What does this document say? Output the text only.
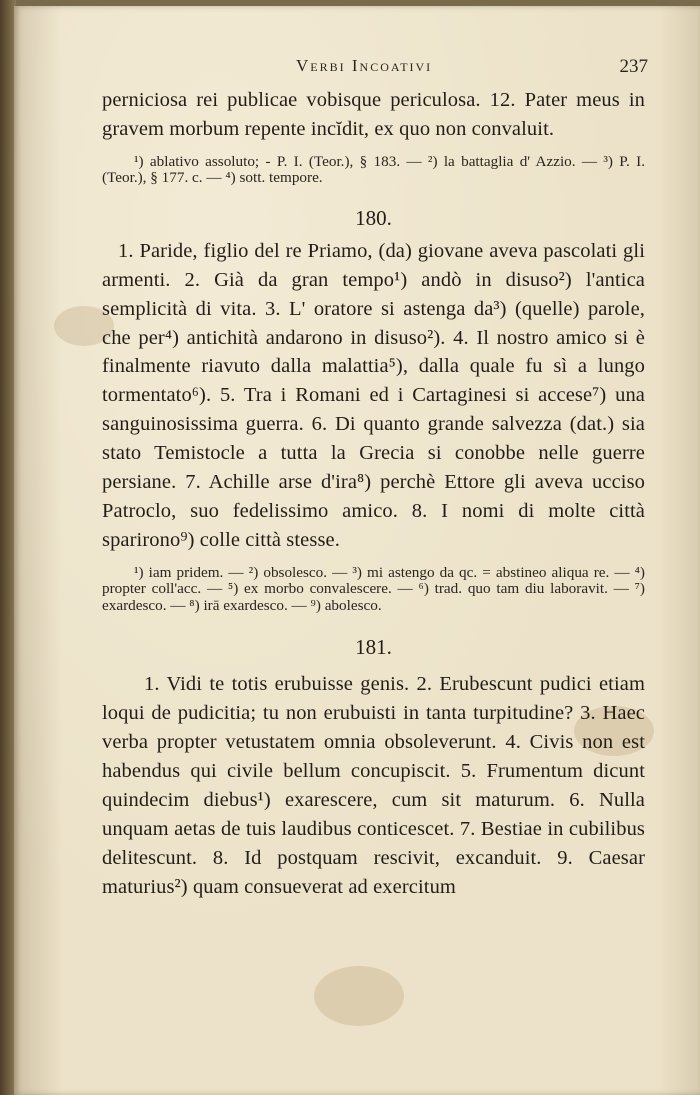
Verbi Incoativi	237

perniciosa rei publicae vobisque periculosa. 12. Pater meus in gravem morbum repente incĭdit, ex quo non convaluit.

¹) ablativo assoluto; - P. I. (Teor.), § 183. — ²) la battaglia d' Azzio. — ³) P. I. (Teor.), § 177. c. — ⁴) sott. tempore.

180.

1. Paride, figlio del re Priamo, (da) giovane aveva pascolati gli armenti. 2. Già da gran tempo¹) andò in disuso²) l'antica semplicità di vita. 3. L' oratore si astenga da³) (quelle) parole, che per⁴) antichità andarono in disuso²). 4. Il nostro amico si è finalmente riavuto dalla malattia⁵), dalla quale fu sì a lungo tormentato⁶). 5. Tra i Romani ed i Cartaginesi si accese⁷) una sanguinosissima guerra. 6. Di quanto grande salvezza (dat.) sia stato Temistocle a tutta la Grecia si conobbe nelle guerre persiane. 7. Achille arse d'ira⁸) perchè Ettore gli aveva ucciso Patroclo, suo fedelissimo amico. 8. I nomi di molte città sparirono⁹) colle città stesse.

¹) iam pridem. — ²) obsolesco. — ³) mi astengo da qc. = abstineo aliqua re. — ⁴) propter coll'acc. — ⁵) ex morbo convalescere. — ⁶) trad. quo tam diu laboravit. — ⁷) exardesco. — ⁸) irā exardesco. — ⁹) abolesco.

181.

1. Vidi te totis erubuisse genis. 2. Erubescunt pudici etiam loqui de pudicitia; tu non erubuisti in tanta turpitudine? 3. Haec verba propter vetustatem omnia obsoleverunt. 4. Civis non est habendus qui civile bellum concupiscit. 5. Frumentum dicunt quindecim diebus¹) exarescere, cum sit maturum. 6. Nulla unquam aetas de tuis laudibus conticescet. 7. Bestiae in cubilibus delitescunt. 8. Id postquam rescivit, excanduit. 9. Caesar maturius²) quam consueverat ad exercitum
